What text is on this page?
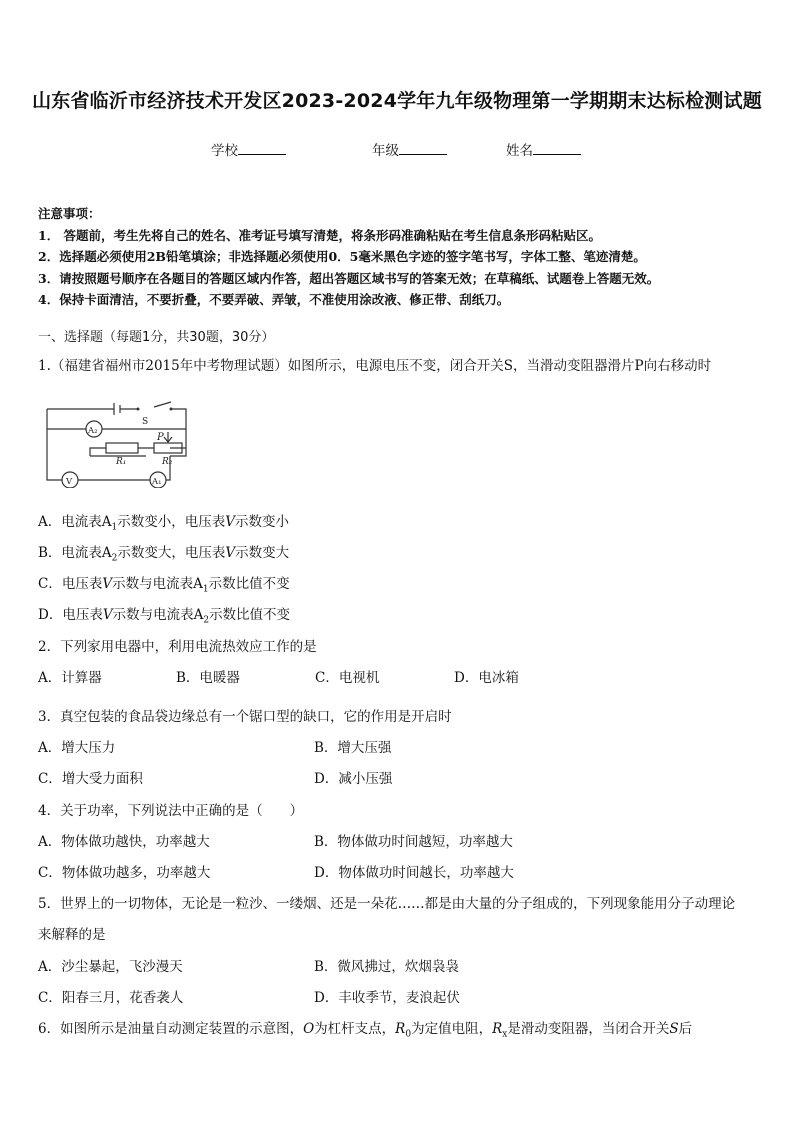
山东省临沂市经济技术开发区2023-2024学年九年级物理第一学期期末达标检测试题
学校	年级	姓名
注意事项：
1． 答题前，考生先将自己的姓名、准考证号填写清楚，将条形码准确粘贴在考生信息条形码粘贴区。
2．选择题必须使用2B铅笔填涂；非选择题必须使用0．5毫米黑色字迹的签字笔书写，字体工整、笔迹清楚。
3．请按照题号顺序在各题目的答题区域内作答，超出答题区域书写的答案无效；在草稿纸、试题卷上答题无效。
4．保持卡面清洁，不要折叠，不要弄破、弄皱，不准使用涂改液、修正带、刮纸刀。
一、选择题（每题1分，共30题，30分）
1.（福建省福州市2015年中考物理试题）如图所示，电源电压不变，闭合开关S，当滑动变阻器滑片P向右移动时
S
A₂
A₁
V
P
R₁	R₂
A．电流表$A_1$示数变小，电压表V示数变小
B．电流表$A_2$示数变大，电压表V示数变大
C．电压表V示数与电流表$A_1$示数比值不变
D．电压表V示数与电流表$A_2$示数比值不变
2．下列家用电器中，利用电流热效应工作的是
A．计算器	B．电暖器	C．电视机	D．电冰箱
3．真空包装的食品袋边缘总有一个锯口型的缺口，它的作用是开启时
A．增大压力	B．增大压强
C．增大受力面积	D．减小压强
4．关于功率，下列说法中正确的是（　　）
A．物体做功越快，功率越大	B．物体做功时间越短，功率越大
C．物体做功越多，功率越大	D．物体做功时间越长，功率越大
5．世界上的一切物体，无论是一粒沙、一缕烟、还是一朵花……都是由大量的分子组成的，下列现象能用分子动理论
来解释的是
A．沙尘暴起，飞沙漫天	B．微风拂过，炊烟袅袅
C．阳春三月，花香袭人	D．丰收季节，麦浪起伏
6．如图所示是油量自动测定装置的示意图，O为杠杆支点，$R_0$为定值电阻，$R_x$是滑动变阻器，当闭合开关S后
